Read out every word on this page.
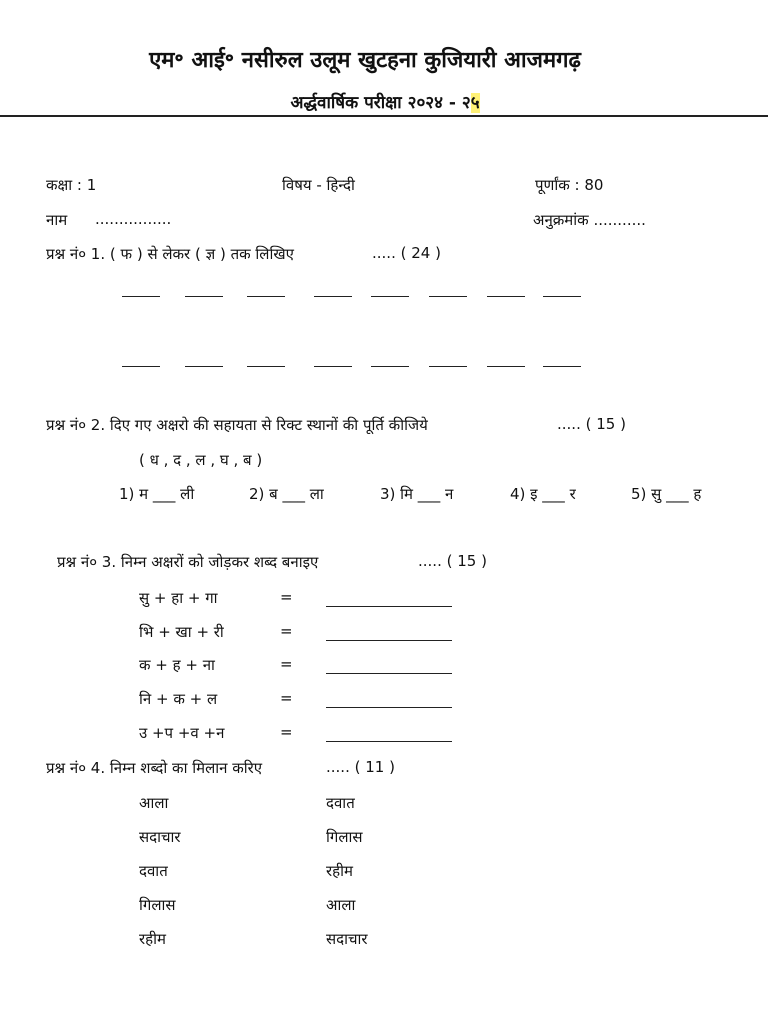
एम॰ आई॰ नसीरुल उलूम खुटहना कुजियारी आजमगढ़
अर्द्धवार्षिक परीक्षा २०२४ - २५
कक्षा : 1	विषय - हिन्दी	पूर्णांक : 80
नाम ................	अनुक्रमांक ...........
प्रश्न नं० 1. ( फ ) से लेकर ( ज्ञ ) तक लिखिए	..... ( 24 )
प्रश्न नं० 2. दिए गए अक्षरो की सहायता से रिक्ट स्थानों की पूर्ति कीजिये	..... ( 15 )
( ध , द , ल , घ , ब )
1) म ___ ली	2) ब ___ ला	3) मि ___ न	4) इ ___ र	5) सु ___ ह
प्रश्न नं० 3. निम्न अक्षरों को जोड़कर शब्द बनाइए	..... ( 15 )
सु + हा + गा	=
भि + खा + री	=
क + ह + ना	=
नि + क + ल	=
उ +प +व +न	=
प्रश्न नं० 4. निम्न शब्दो का मिलान करिए	..... ( 11 )
आला	दवात
सदाचार	गिलास
दवात	रहीम
गिलास	आला
रहीम	सदाचार
